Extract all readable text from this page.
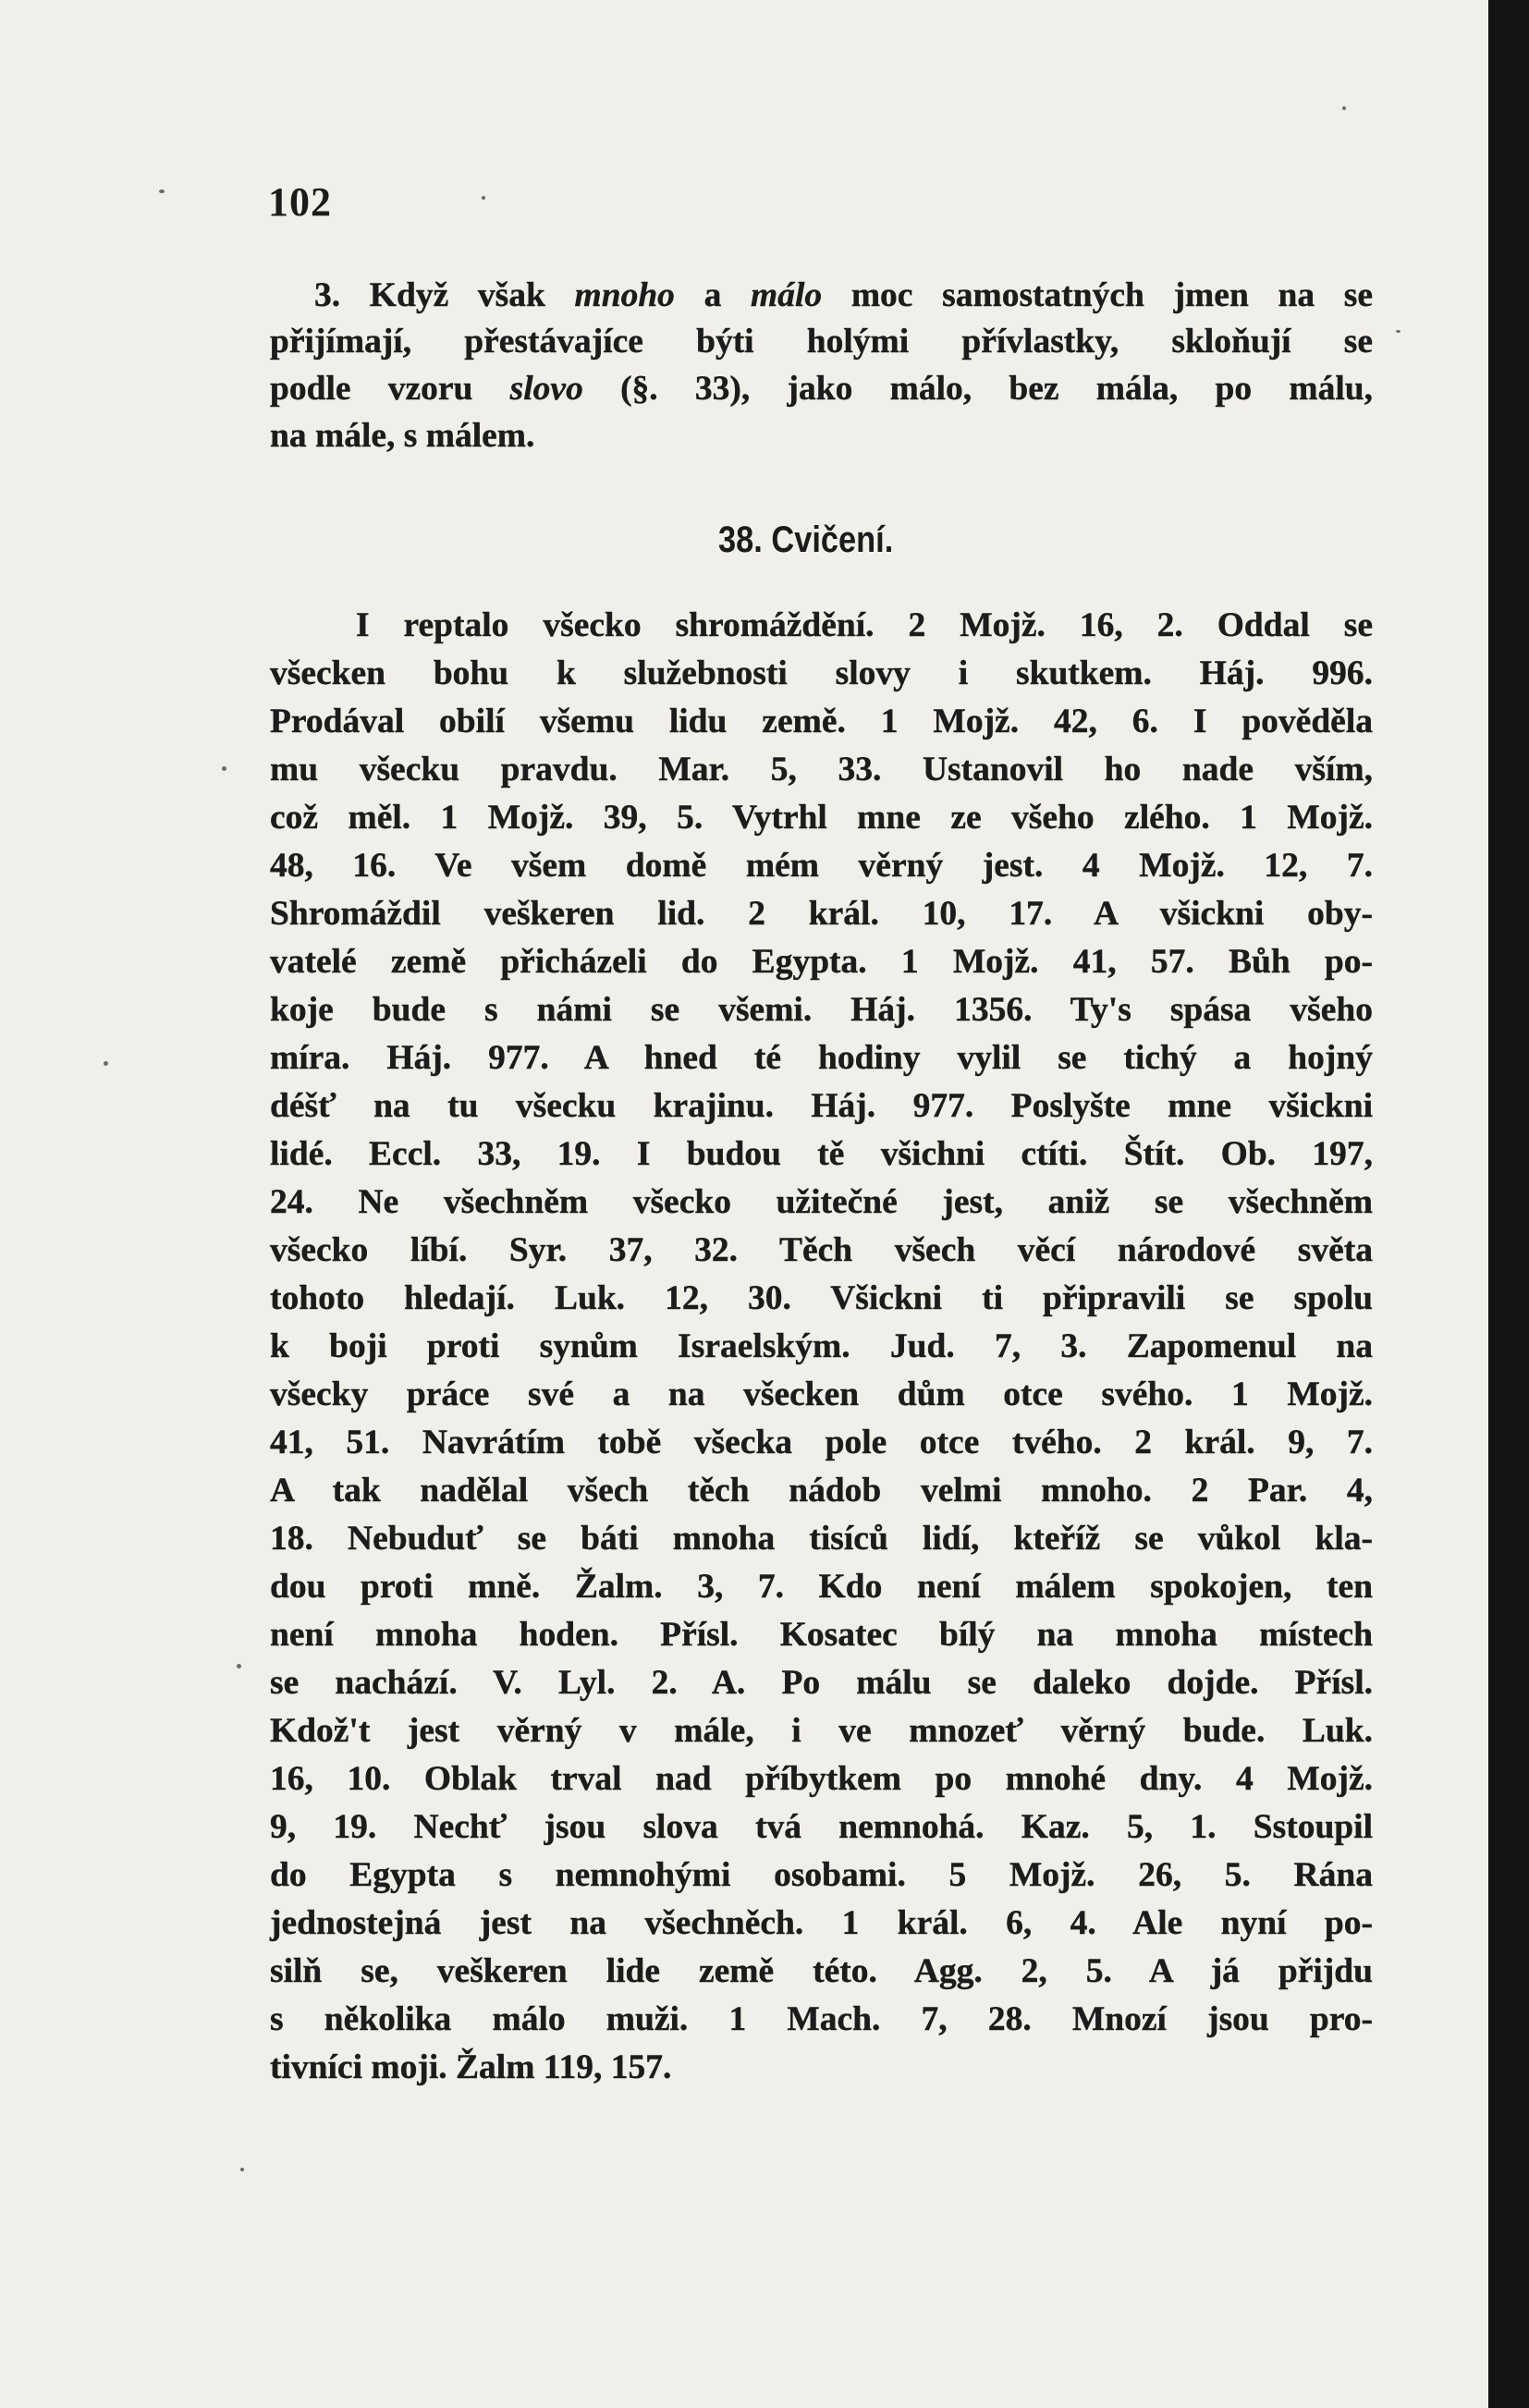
102
3. Když však mnoho a málo moc samostatných jmen na se
přijímají, přestávajíce býti holými přívlastky, skloňují se
podle vzoru slovo (§. 33), jako málo, bez mála, po málu,
na mále, s málem.
38. Cvičení.
I reptalo všecko shromáždění. 2 Mojž. 16, 2. Oddal se
všecken bohu k služebnosti slovy i skutkem. Háj. 996.
Prodával obilí všemu lidu země. 1 Mojž. 42, 6. I pověděla
mu všecku pravdu. Mar. 5, 33. Ustanovil ho nade vším,
což měl. 1 Mojž. 39, 5. Vytrhl mne ze všeho zlého. 1 Mojž.
48, 16. Ve všem domě mém věrný jest. 4 Mojž. 12, 7.
Shromáždil veškeren lid. 2 král. 10, 17. A všickni oby-
vatelé země přicházeli do Egypta. 1 Mojž. 41, 57. Bůh po-
koje bude s námi se všemi. Háj. 1356. Ty's spása všeho
míra. Háj. 977. A hned té hodiny vylil se tichý a hojný
déšť na tu všecku krajinu. Háj. 977. Poslyšte mne všickni
lidé. Eccl. 33, 19. I budou tě všichni ctíti. Štít. Ob. 197,
24. Ne všechněm všecko užitečné jest, aniž se všechněm
všecko líbí. Syr. 37, 32. Těch všech věcí národové světa
tohoto hledají. Luk. 12, 30. Všickni ti připravili se spolu
k boji proti synům Israelským. Jud. 7, 3. Zapomenul na
všecky práce své a na všecken dům otce svého. 1 Mojž.
41, 51. Navrátím tobě všecka pole otce tvého. 2 král. 9, 7.
A tak nadělal všech těch nádob velmi mnoho. 2 Par. 4,
18. Nebuduť se báti mnoha tisíců lidí, kteříž se vůkol kla-
dou proti mně. Žalm. 3, 7. Kdo není málem spokojen, ten
není mnoha hoden. Přísl. Kosatec bílý na mnoha místech
se nachází. V. Lyl. 2. A. Po málu se daleko dojde. Přísl.
Kdož't jest věrný v mále, i ve mnozeť věrný bude. Luk.
16, 10. Oblak trval nad příbytkem po mnohé dny. 4 Mojž.
9, 19. Nechť jsou slova tvá nemnohá. Kaz. 5, 1. Sstoupil
do Egypta s nemnohými osobami. 5 Mojž. 26, 5. Rána
jednostejná jest na všechněch. 1 král. 6, 4. Ale nyní po-
silň se, veškeren lide země této. Agg. 2, 5. A já přijdu
s několika málo muži. 1 Mach. 7, 28. Mnozí jsou pro-
tivníci moji. Žalm 119, 157.
